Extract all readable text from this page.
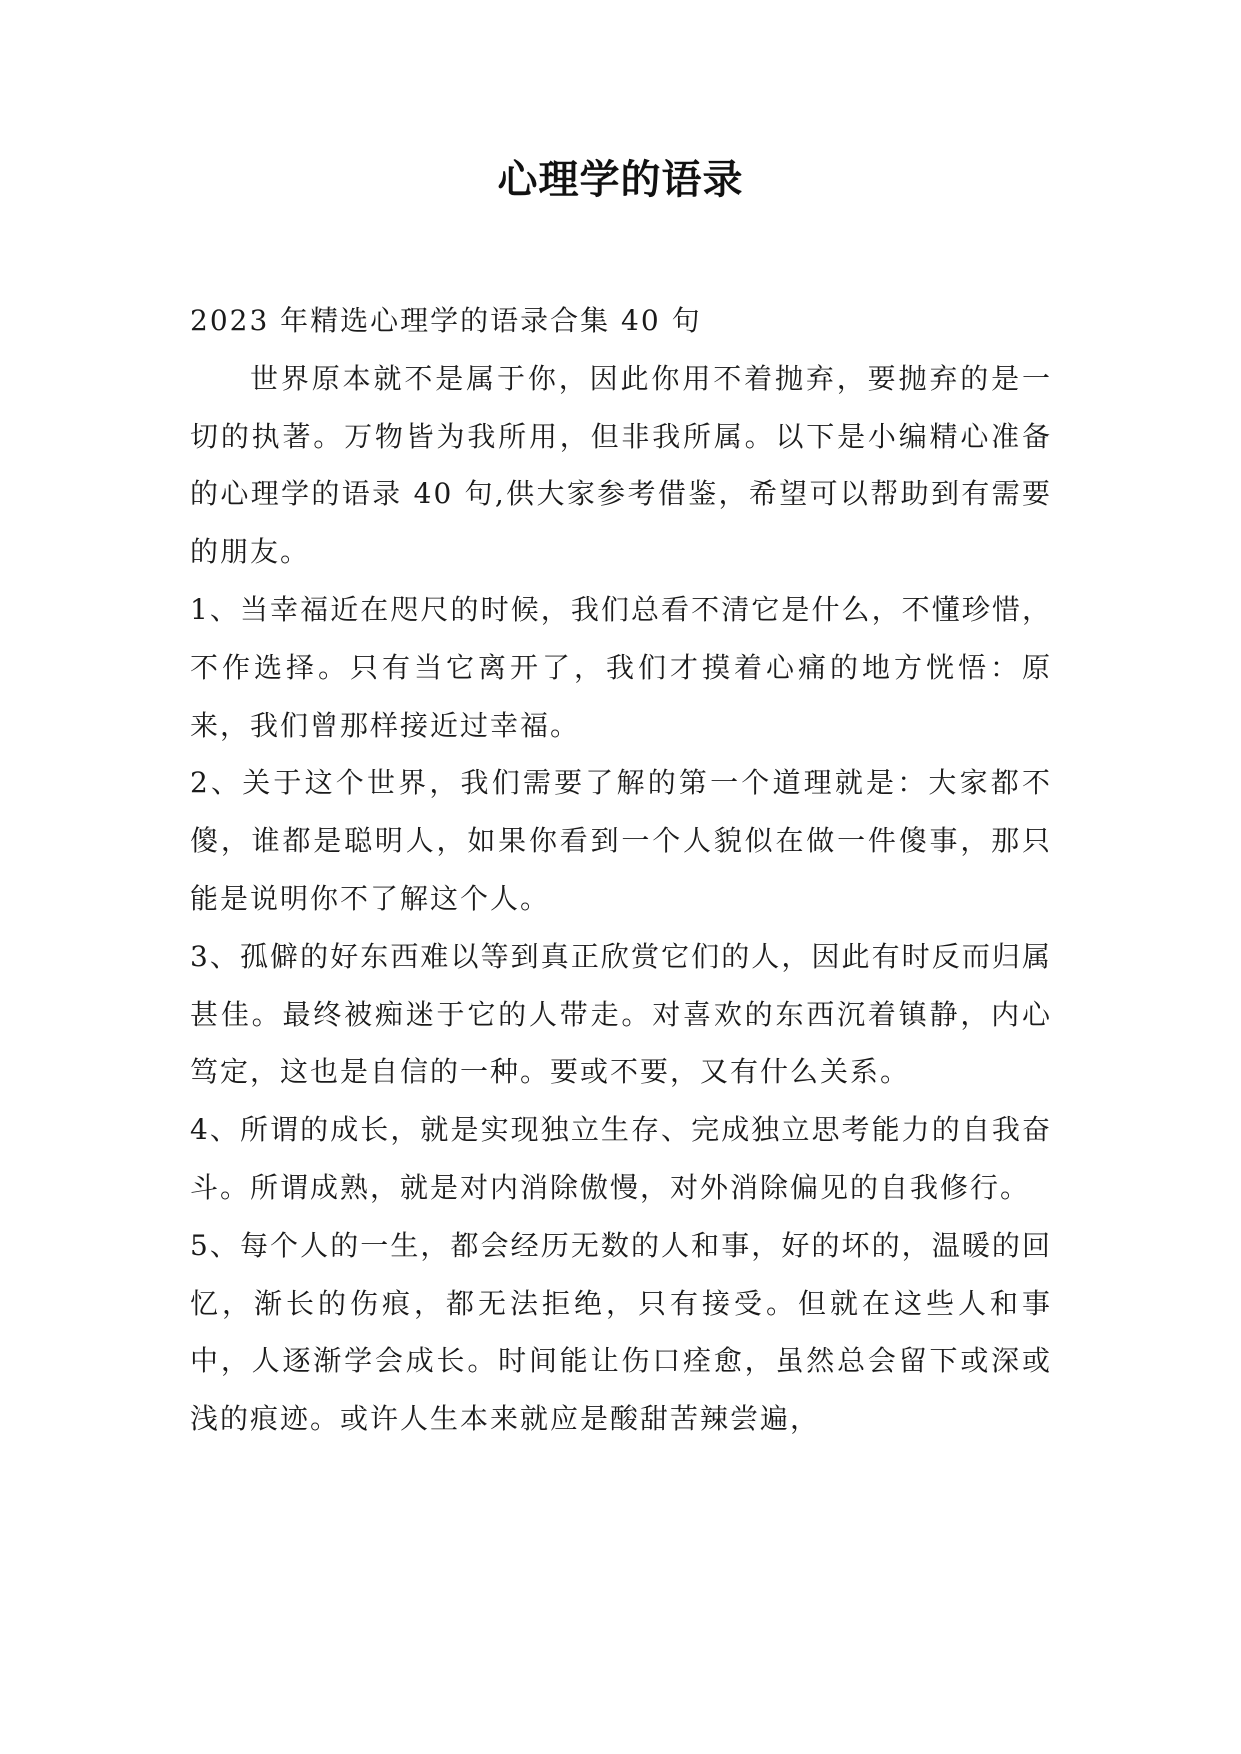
心理学的语录

2023 年精选心理学的语录合集 40 句

世界原本就不是属于你，因此你用不着抛弃，要抛弃的是一切的执著。万物皆为我所用，但非我所属。以下是小编精心准备的心理学的语录 40 句,供大家参考借鉴，希望可以帮助到有需要的朋友。

1、当幸福近在咫尺的时候，我们总看不清它是什么，不懂珍惜，不作选择。只有当它离开了，我们才摸着心痛的地方恍悟：原来，我们曾那样接近过幸福。

2、关于这个世界，我们需要了解的第一个道理就是：大家都不傻，谁都是聪明人，如果你看到一个人貌似在做一件傻事，那只能是说明你不了解这个人。

3、孤僻的好东西难以等到真正欣赏它们的人，因此有时反而归属甚佳。最终被痴迷于它的人带走。对喜欢的东西沉着镇静，内心笃定，这也是自信的一种。要或不要，又有什么关系。

4、所谓的成长，就是实现独立生存、完成独立思考能力的自我奋斗。所谓成熟，就是对内消除傲慢，对外消除偏见的自我修行。

5、每个人的一生，都会经历无数的人和事，好的坏的，温暖的回忆，渐长的伤痕，都无法拒绝，只有接受。但就在这些人和事中，人逐渐学会成长。时间能让伤口痊愈，虽然总会留下或深或浅的痕迹。或许人生本来就应是酸甜苦辣尝遍，
